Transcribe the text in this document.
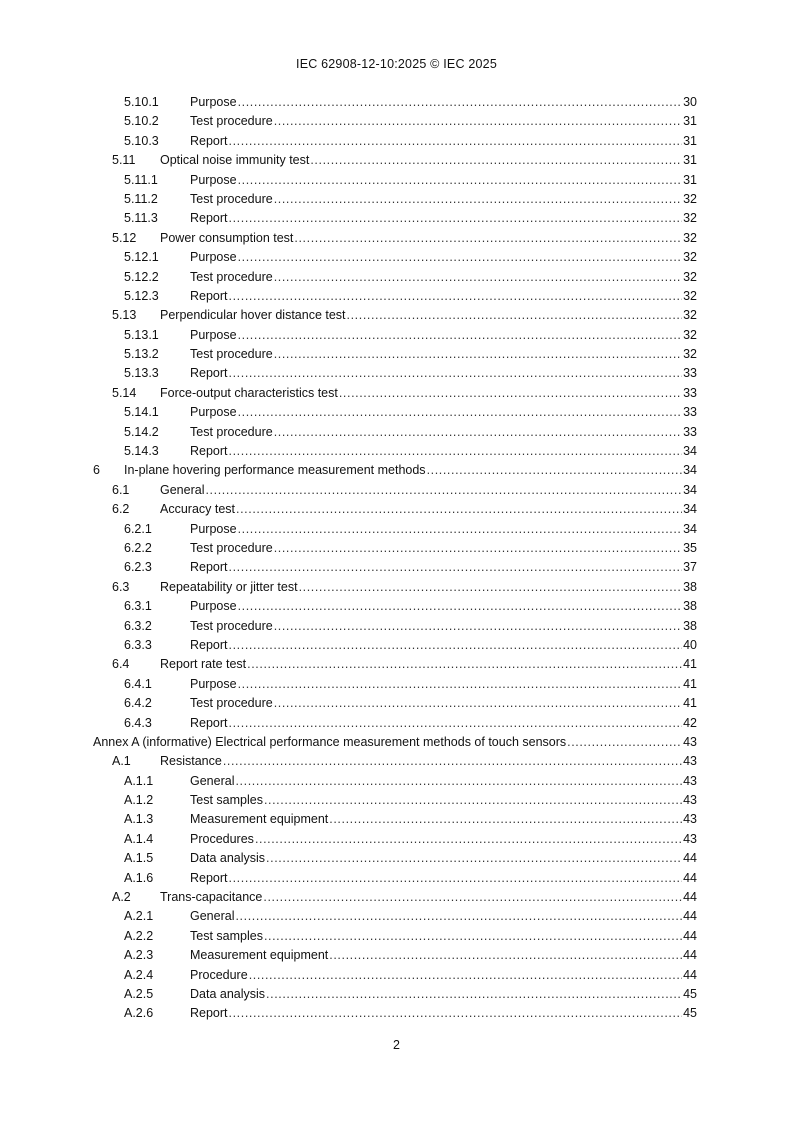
IEC 62908-12-10:2025 © IEC 2025
5.10.1 Purpose .....	30
5.10.2 Test procedure .....	31
5.10.3 Report .....	31
5.11 Optical noise immunity test .....	31
5.11.1	Purpose .....	31
5.11.2	Test procedure .....	32
5.11.3	Report .....	32
5.12 Power consumption test .....	32
5.12.1 Purpose .....	32
5.12.2 Test procedure .....	32
5.12.3 Report .....	32
5.13 Perpendicular hover distance test .....	32
5.13.1 Purpose .....	32
5.13.2 Test procedure .....	32
5.13.3 Report .....	33
5.14 Force-output characteristics test .....	33
5.14.1 Purpose .....	33
5.14.2 Test procedure .....	33
5.14.3 Report .....	34
6 In-plane hovering performance measurement methods .....	34
6.1 General .....	34
6.2 Accuracy test .....	34
6.2.1	Purpose .....	34
6.2.2	Test procedure .....	35
6.2.3	Report .....	37
6.3 Repeatability or jitter test .....	38
6.3.1	Purpose .....	38
6.3.2	Test procedure .....	38
6.3.3	Report .....	40
6.4 Report rate test .....	41
6.4.1	Purpose .....	41
6.4.2	Test procedure .....	41
6.4.3	Report .....	42
Annex A (informative) Electrical performance measurement methods of touch sensors .....	43
A.1 Resistance .....	43
A.1.1	General .....	43
A.1.2	Test samples .....	43
A.1.3	Measurement equipment .....	43
A.1.4	Procedures .....	43
A.1.5	Data analysis .....	44
A.1.6	Report .....	44
A.2 Trans-capacitance .....	44
A.2.1	General .....	44
A.2.2	Test samples .....	44
A.2.3	Measurement equipment .....	44
A.2.4	Procedure .....	44
A.2.5	Data analysis .....	45
A.2.6	Report .....	45
2
